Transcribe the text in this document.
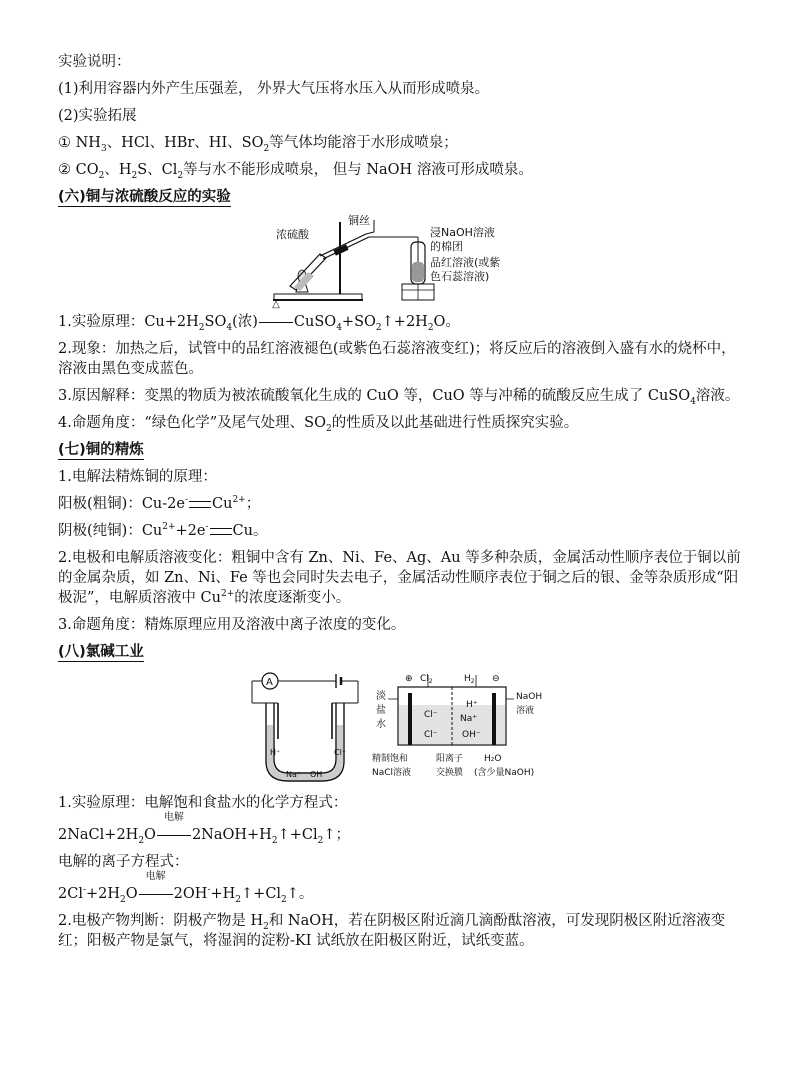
实验说明：

(1)利用容器内外产生压强差， 外界大气压将水压入从而形成喷泉。

(2)实验拓展

① $NH_3$、HCl、HBr、HI、$SO_2$等气体均能溶于水形成喷泉；

② $CO_2$、$H_2S$、$Cl_2$等与水不能形成喷泉， 但与 NaOH 溶液可形成喷泉。

(六)铜与浓硫酸反应的实验

浓硫酸
铜丝
浸NaOH溶液
的棉团
品红溶液(或紫
色石蕊溶液)

1.实验原理：$Cu+2H_2SO_4$(浓)
△
$CuSO_4+SO_2↑+2H_2O$。

2.现象：加热之后，试管中的品红溶液褪色(或紫色石蕊溶液变红)；将反应后的溶液倒入盛有水的烧杯中，溶液由黑色变成蓝色。

3.原因解释：变黑的物质为被浓硫酸氧化生成的 CuO 等，CuO 等与冲稀的硫酸反应生成了 CuSO$_4$溶液。

4.命题角度：“绿色化学”及尾气处理、$SO_2$的性质及以此基础进行性质探究实验。

(七)铜的精炼

1.电解法精炼铜的原理：

阳极(粗铜)：Cu-2e- $Cu^{2+}$；

阴极(纯铜)：$Cu^{2+}+2e^-$ Cu。

2.电极和电解质溶液变化：粗铜中含有 Zn、Ni、Fe、Ag、Au 等多种杂质，金属活动性顺序表位于铜以前的金属杂质，如 Zn、Ni、Fe 等也会同时失去电子，金属活动性顺序表位于铜之后的银、金等杂质形成“阳极泥”，电解质溶液中 $Cu^{2+}$的浓度逐渐变小。

3.命题角度：精炼原理应用及溶液中离子浓度的变化。

(八)氯碱工业

A
H⁺
Na⁺
Cl⁻
OH⁻
⊕ $Cl_2$	$H_2$ ⊖
淡
盐
水
NaOH
溶液
Cl⁻
H⁺
Na⁺
Cl⁻	OH⁻
精制饱和
NaCl溶液
阳离子
交换膜
H₂O
(含少量NaOH)

1.实验原理：电解饱和食盐水的化学方程式：

$2NaCl+2H_2O$
电解
$2NaOH+H_2↑+Cl_2↑$；

电解的离子方程式：

$2Cl^-+2H_2O$
电解
$2OH^-+H_2↑+Cl_2↑$。

2.电极产物判断：阴极产物是 $H_2$和 NaOH，若在阴极区附近滴几滴酚酞溶液，可发现阴极区附近溶液变红；阳极产物是氯气，将湿润的淀粉-KI 试纸放在阳极区附近，试纸变蓝。
